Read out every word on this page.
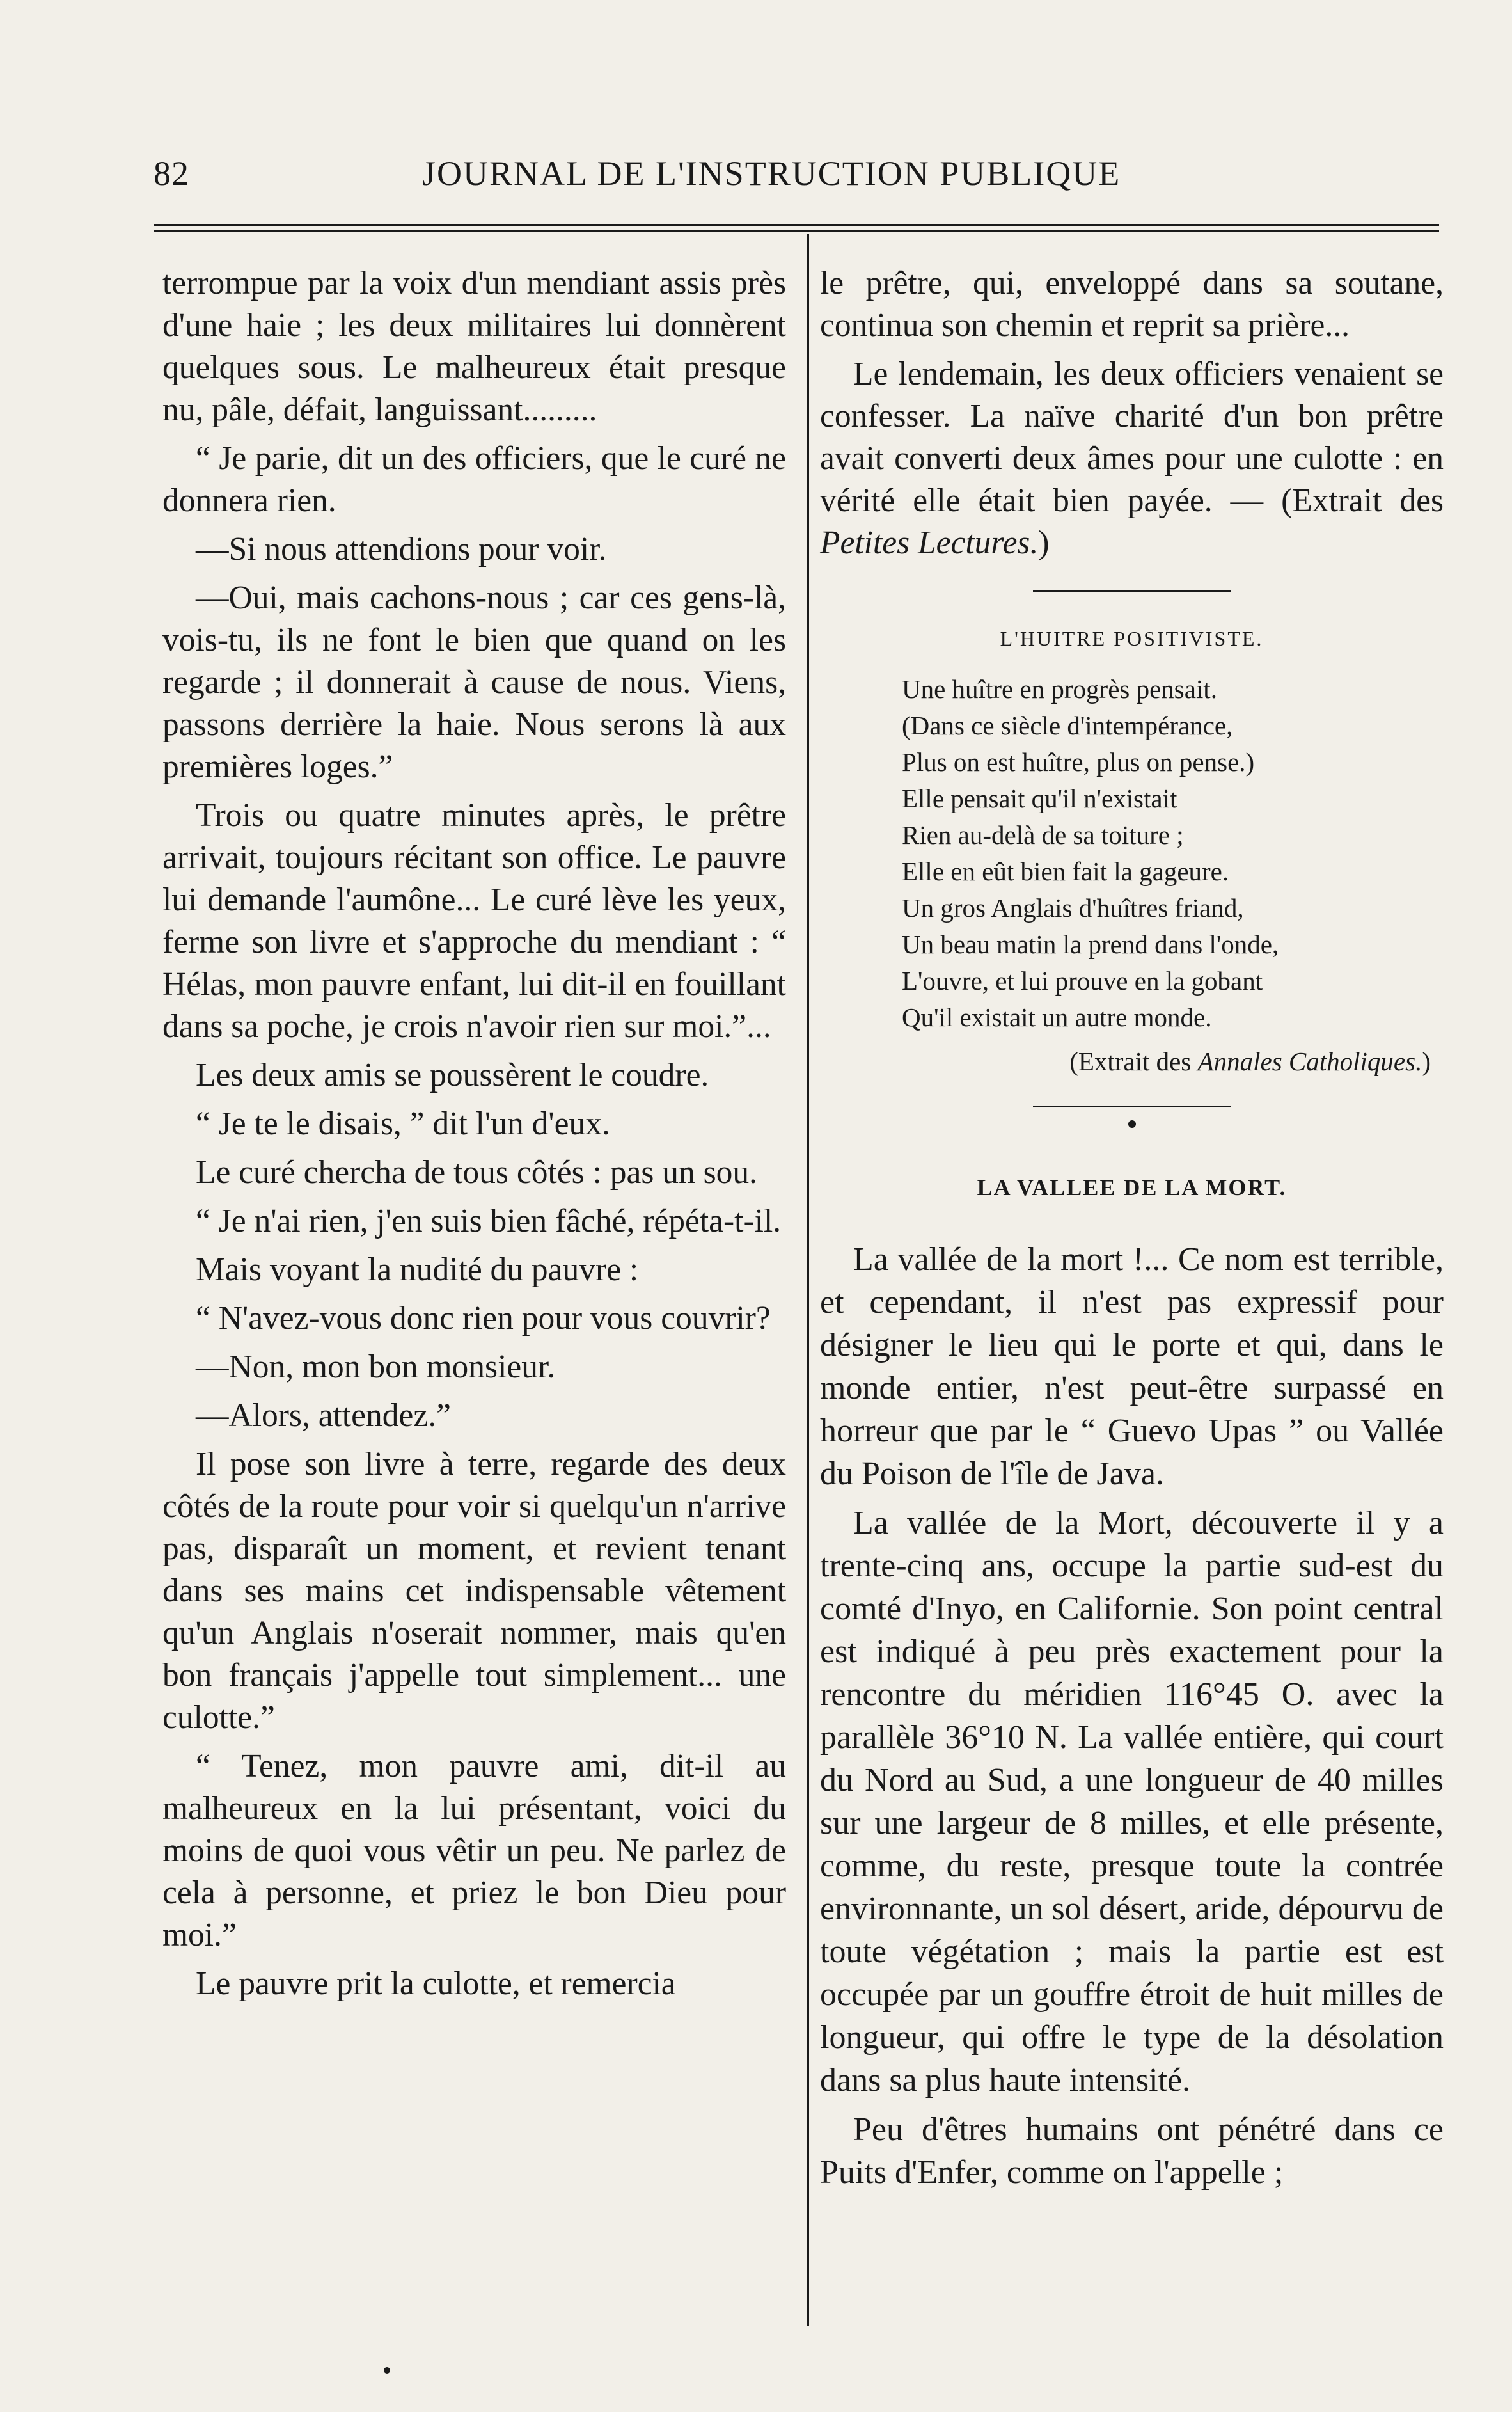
82	JOURNAL DE L'INSTRUCTION PUBLIQUE

terrompue par la voix d'un mendiant assis près d'une haie ; les deux militaires lui donnèrent quelques sous. Le malheureux était presque nu, pâle, défait, languissant.........

“ Je parie, dit un des officiers, que le curé ne donnera rien.

—Si nous attendions pour voir.

—Oui, mais cachons-nous ; car ces gens-là, vois-tu, ils ne font le bien que quand on les regarde ; il donnerait à cause de nous. Viens, passons derrière la haie. Nous serons là aux premières loges.”

Trois ou quatre minutes après, le prêtre arrivait, toujours récitant son office. Le pauvre lui demande l'aumône... Le curé lève les yeux, ferme son livre et s'approche du mendiant : “ Hélas, mon pauvre enfant, lui dit-il en fouillant dans sa poche, je crois n'avoir rien sur moi.”...

Les deux amis se poussèrent le coudre.

“ Je te le disais, ” dit l'un d'eux.

Le curé chercha de tous côtés : pas un sou.

“ Je n'ai rien, j'en suis bien fâché, répéta-t-il.

Mais voyant la nudité du pauvre :

“ N'avez-vous donc rien pour vous couvrir?

—Non, mon bon monsieur.

—Alors, attendez.”

Il pose son livre à terre, regarde des deux côtés de la route pour voir si quelqu'un n'arrive pas, disparaît un moment, et revient tenant dans ses mains cet indispensable vêtement qu'un Anglais n'oserait nommer, mais qu'en bon français j'appelle tout simplement... une culotte.”

“ Tenez, mon pauvre ami, dit-il au malheureux en la lui présentant, voici du moins de quoi vous vêtir un peu. Ne parlez de cela à personne, et priez le bon Dieu pour moi.”

Le pauvre prit la culotte, et remercia

le prêtre, qui, enveloppé dans sa soutane, continua son chemin et reprit sa prière...

Le lendemain, les deux officiers venaient se confesser. La naïve charité d'un bon prêtre avait converti deux âmes pour une culotte : en vérité elle était bien payée. — (Extrait des Petites Lectures.)

L'HUITRE POSITIVISTE.
Une huître en progrès pensait.
(Dans ce siècle d'intempérance,
Plus on est huître, plus on pense.)
Elle pensait qu'il n'existait
Rien au-delà de sa toiture ;
Elle en eût bien fait la gageure.
Un gros Anglais d'huîtres friand,
Un beau matin la prend dans l'onde,
L'ouvre, et lui prouve en la gobant
Qu'il existait un autre monde.
(Extrait des Annales Catholiques.)
LA VALLEE DE LA MORT.

La vallée de la mort !... Ce nom est terrible, et cependant, il n'est pas expressif pour désigner le lieu qui le porte et qui, dans le monde entier, n'est peut-être surpassé en horreur que par le “ Guevo Upas ” ou Vallée du Poison de l'île de Java.

La vallée de la Mort, découverte il y a trente-cinq ans, occupe la partie sud-est du comté d'Inyo, en Californie. Son point central est indiqué à peu près exactement pour la rencontre du méridien 116°45 O. avec la parallèle 36°10 N. La vallée entière, qui court du Nord au Sud, a une longueur de 40 milles sur une largeur de 8 milles, et elle présente, comme, du reste, presque toute la contrée environnante, un sol désert, aride, dépourvu de toute végétation ; mais la partie est est occupée par un gouffre étroit de huit milles de longueur, qui offre le type de la désolation dans sa plus haute intensité.

Peu d'êtres humains ont pénétré dans ce Puits d'Enfer, comme on l'appelle ;
